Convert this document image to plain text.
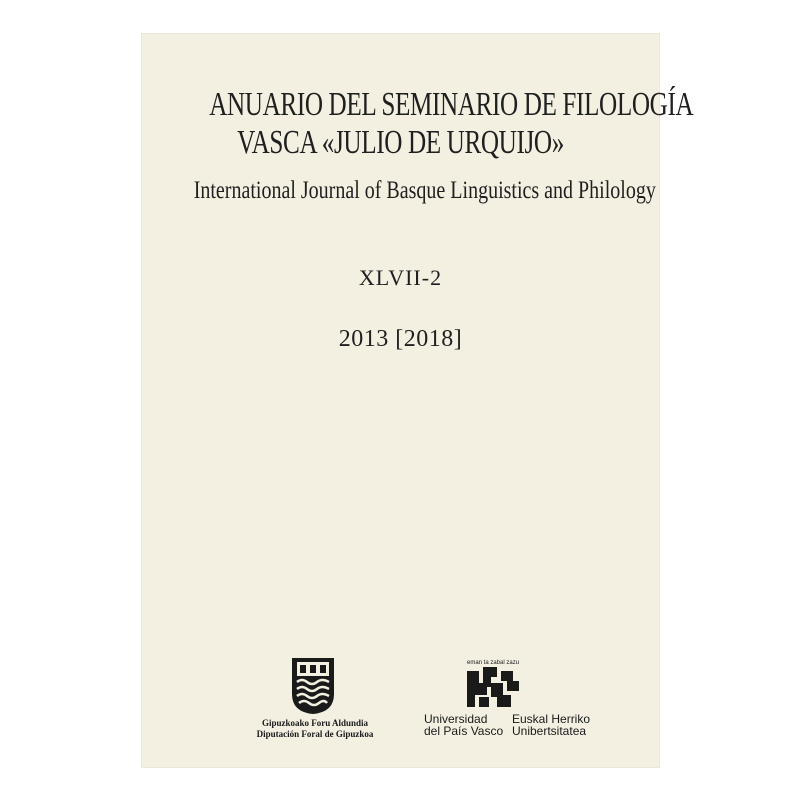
ANUARIO DEL SEMINARIO DE FILOLOGÍA
VASCA «JULIO DE URQUIJO»
International Journal of Basque Linguistics and Philology
XLVII-2
2013 [2018]
Gipuzkoako Foru Aldundia
Diputación Foral de Gipuzkoa
eman ta zabal zazu
Universidad
del País Vasco
Euskal Herriko
Unibertsitatea
